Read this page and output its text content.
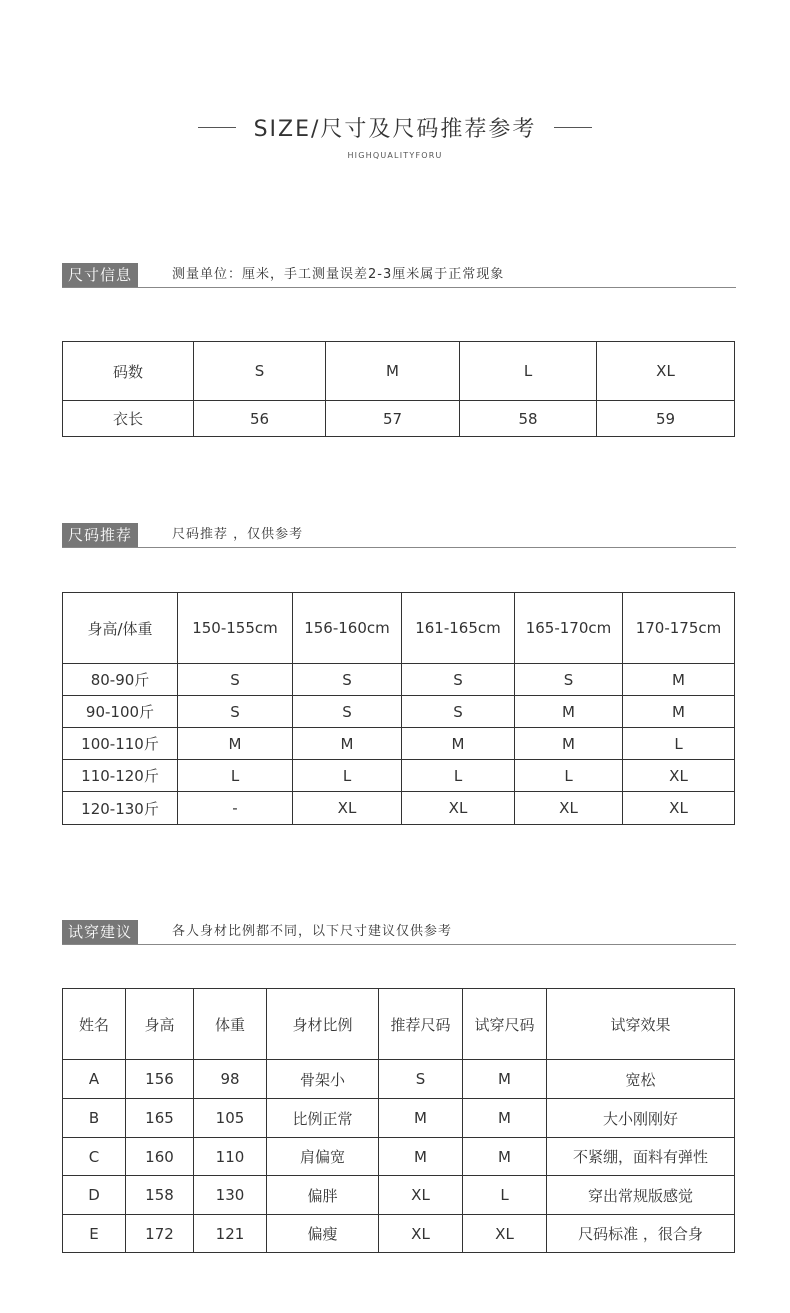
SIZE/尺寸及尺码推荐参考
HIGHQUALITYFORU
尺寸信息	测量单位：厘米，手工测量误差2-3厘米属于正常现象
码数	S	M	L	XL
衣长	56	57	58	59
尺码推荐	尺码推荐 ，仅供参考
身高/体重	150-155cm	156-160cm	161-165cm	165-170cm	170-175cm
80-90斤	S	S	S	S	M
90-100斤	S	S	S	M	M
100-110斤	M	M	M	M	L
110-120斤	L	L	L	L	XL
120-130斤	-	XL	XL	XL	XL
试穿建议	各人身材比例都不同，以下尺寸建议仅供参考
姓名	身高	体重	身材比例	推荐尺码	试穿尺码	试穿效果
A	156	98	骨架小	S	M	宽松
B	165	105	比例正常	M	M	大小刚刚好
C	160	110	肩偏宽	M	M	不紧绷，面料有弹性
D	158	130	偏胖	XL	L	穿出常规版感觉
E	172	121	偏瘦	XL	XL	尺码标准 ，很合身
